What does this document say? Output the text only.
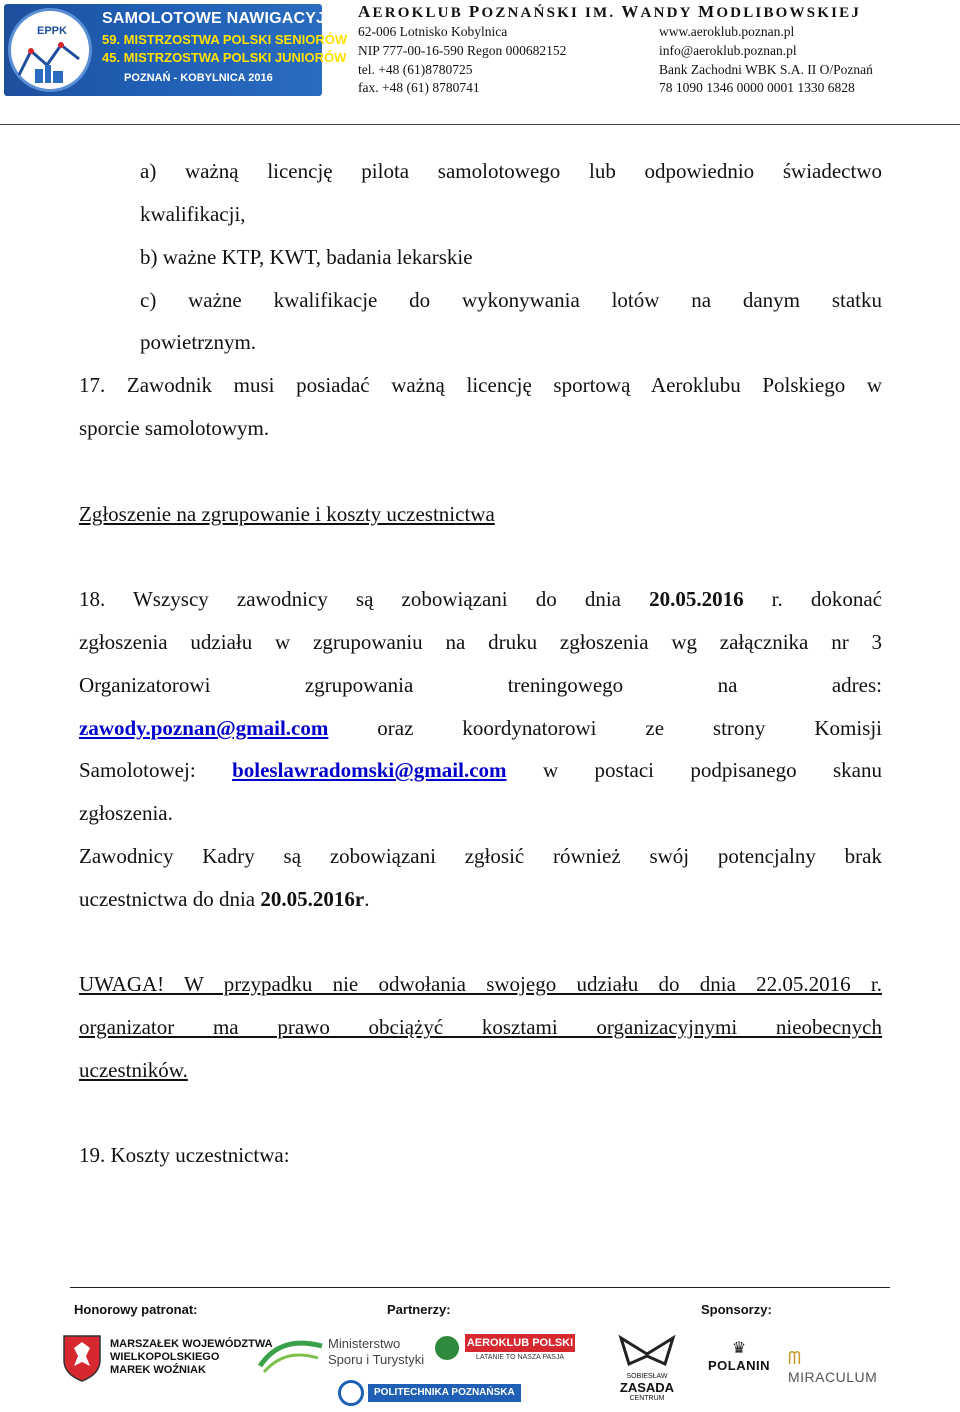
EPPK
SAMOLOTOWE NAWIGACYJNE
59. MISTRZOSTWA POLSKI SENIORÓW
45. MISTRZOSTWA POLSKI JUNIORÓW
POZNAŃ - KOBYLNICA 2016
AEROKLUB POZNAŃSKI IM. WANDY MODLIBOWSKIEJ
62-006 Lotnisko Kobylnica
NIP 777-00-16-590 Regon 000682152
tel. +48 (61)8780725
fax. +48 (61) 8780741
www.aeroklub.poznan.pl
info@aeroklub.poznan.pl
Bank Zachodni WBK S.A. II O/Poznań
78 1090 1346 0000 0001 1330 6828
a) ważną licencję pilota samolotowego lub odpowiednio świadectwo
kwalifikacji,
b) ważne KTP, KWT, badania lekarskie
c) ważne kwalifikacje do wykonywania lotów na danym statku
powietrznym.
17. Zawodnik musi posiadać ważną licencję sportową Aeroklubu Polskiego w
sporcie samolotowym.
Zgłoszenie na zgrupowanie i koszty uczestnictwa
18. Wszyscy zawodnicy są zobowiązani do dnia 20.05.2016 r. dokonać
zgłoszenia udziału w zgrupowaniu na druku zgłoszenia wg załącznika nr 3
Organizatorowi zgrupowania treningowego na adres:
zawody.poznan@gmail.com oraz koordynatorowi ze strony Komisji
Samolotowej: boleslawradomski@gmail.com w postaci podpisanego skanu
zgłoszenia.
Zawodnicy Kadry są zobowiązani zgłosić również swój potencjalny brak
uczestnictwa do dnia 20.05.2016r.
UWAGA! W przypadku nie odwołania swojego udziału do dnia 22.05.2016 r.
organizator ma prawo obciążyć kosztami organizacyjnymi nieobecnych
uczestników.
19. Koszty uczestnictwa:
Honorowy patronat:	Partnerzy:	Sponsorzy:
MARSZAŁEK WOJEWÓDZTWA
WIELKOPOLSKIEGO
MAREK WOŹNIAK
Ministerstwo
Sporu i Turystyki
AEROKLUB POLSKI
LATANIE TO NASZA PASJA
POLITECHNIKA POZNAŃSKA
SOBIESŁAW
ZASADA
CENTRUM
♛
POLANIN	ᗰ MIRACULUM
